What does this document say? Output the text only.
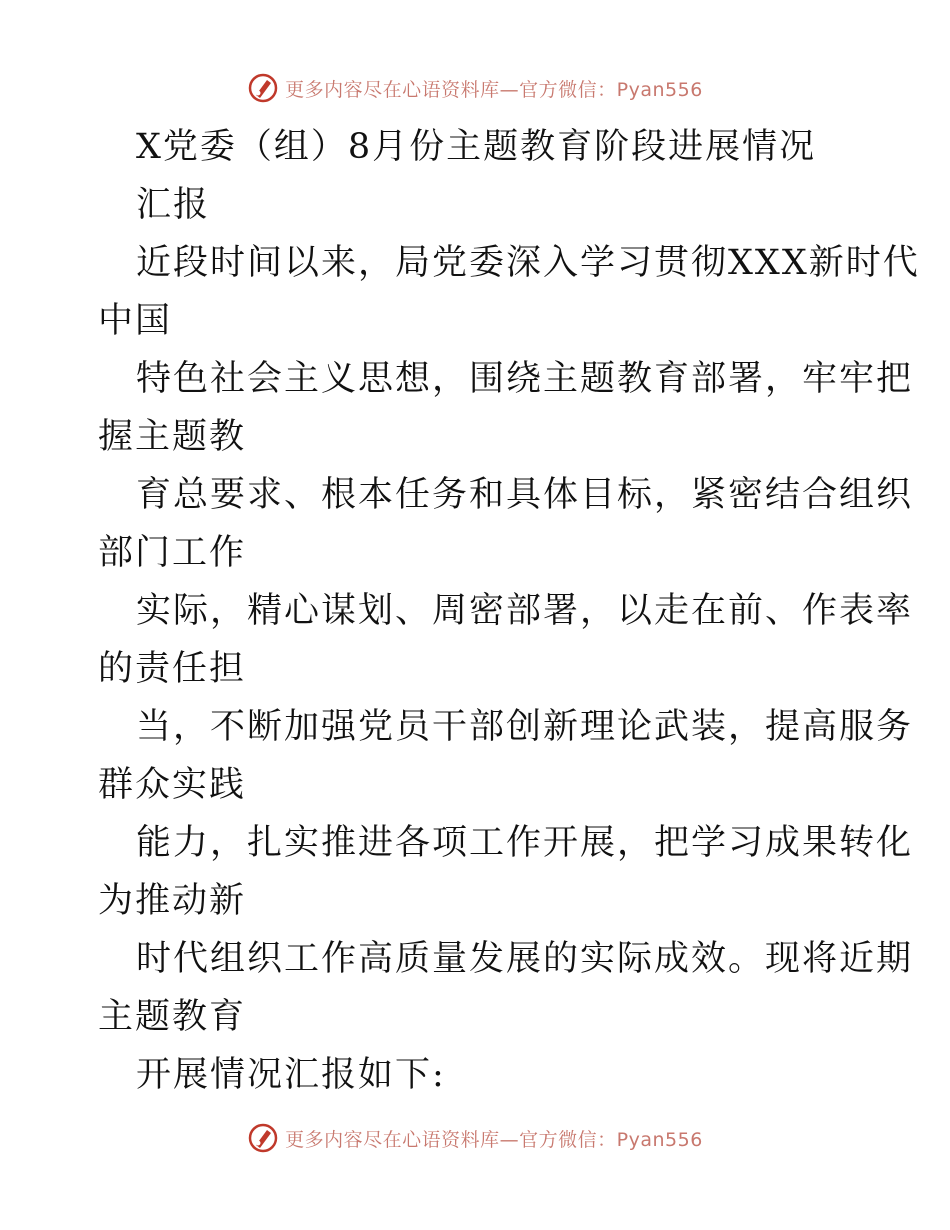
更多内容尽在心语资料库—官方微信：Pyan556
X党委（组）8月份主题教育阶段进展情况
汇报
近段时间以来，局党委深入学习贯彻XXX新时代
中国
特色社会主义思想，围绕主题教育部署，牢牢把
握主题教
育总要求、根本任务和具体目标，紧密结合组织
部门工作
实际，精心谋划、周密部署，以走在前、作表率
的责任担
当，不断加强党员干部创新理论武装，提高服务
群众实践
能力，扎实推进各项工作开展，把学习成果转化
为推动新
时代组织工作高质量发展的实际成效。现将近期
主题教育
开展情况汇报如下:
更多内容尽在心语资料库—官方微信：Pyan556
